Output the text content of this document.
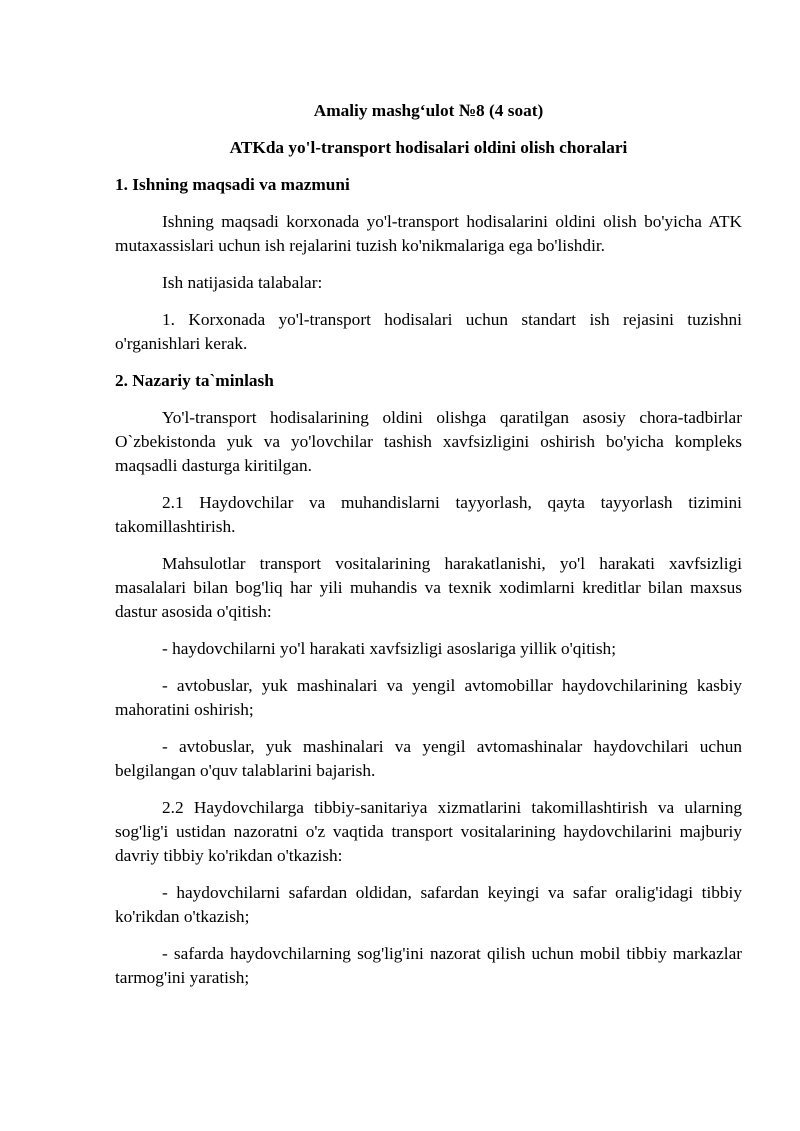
Amaliy mashg‘ulot №8 (4 soat)

ATKda yo'l-transport hodisalari oldini olish choralari

1. Ishning maqsadi va mazmuni

Ishning maqsadi korxonada yo'l-transport hodisalarini oldini olish bo'yicha ATK mutaxassislari uchun ish rejalarini tuzish ko'nikmalariga ega bo'lishdir.

Ish natijasida talabalar:

1. Korxonada yo'l-transport hodisalari uchun standart ish rejasini tuzishni o'rganishlari kerak.

2. Nazariy ta`minlash

Yo'l-transport hodisalarining oldini olishga qaratilgan asosiy chora-tadbirlar O`zbekistonda yuk va yo'lovchilar tashish xavfsizligini oshirish bo'yicha kompleks maqsadli dasturga kiritilgan.

2.1 Haydovchilar va muhandislarni tayyorlash, qayta tayyorlash tizimini takomillashtirish.

Mahsulotlar transport vositalarining harakatlanishi, yo'l harakati xavfsizligi masalalari bilan bog'liq har yili muhandis va texnik xodimlarni kreditlar bilan maxsus dastur asosida o'qitish:

- haydovchilarni yo'l harakati xavfsizligi asoslariga yillik o'qitish;

- avtobuslar, yuk mashinalari va yengil avtomobillar haydovchilarining kasbiy mahoratini oshirish;

- avtobuslar, yuk mashinalari va yengil avtomashinalar haydovchilari uchun belgilangan o'quv talablarini bajarish.

2.2 Haydovchilarga tibbiy-sanitariya xizmatlarini takomillashtirish va ularning sog'lig'i ustidan nazoratni o'z vaqtida transport vositalarining haydovchilarini majburiy davriy tibbiy ko'rikdan o'tkazish:

- haydovchilarni safardan oldidan, safardan keyingi va safar oralig'idagi tibbiy ko'rikdan o'tkazish;

- safarda haydovchilarning sog'lig'ini nazorat qilish uchun mobil tibbiy markazlar tarmog'ini yaratish;
